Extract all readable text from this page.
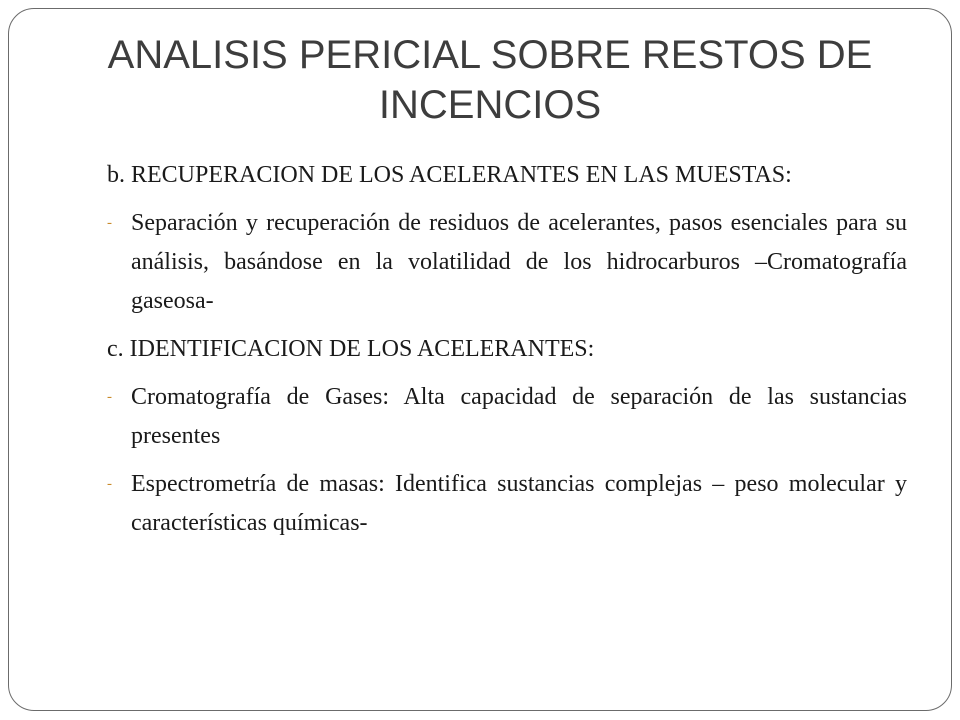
ANALISIS PERICIAL SOBRE RESTOS DE INCENCIOS

b. RECUPERACION DE LOS ACELERANTES EN LAS MUESTAS:

- Separación y recuperación de residuos de acelerantes, pasos esenciales para su análisis, basándose en la volatilidad de los hidrocarburos –Cromatografía gaseosa-

c. IDENTIFICACION DE LOS ACELERANTES:

- Cromatografía de Gases: Alta capacidad de separación de las sustancias presentes

- Espectrometría de masas: Identifica sustancias complejas – peso molecular y características químicas-
